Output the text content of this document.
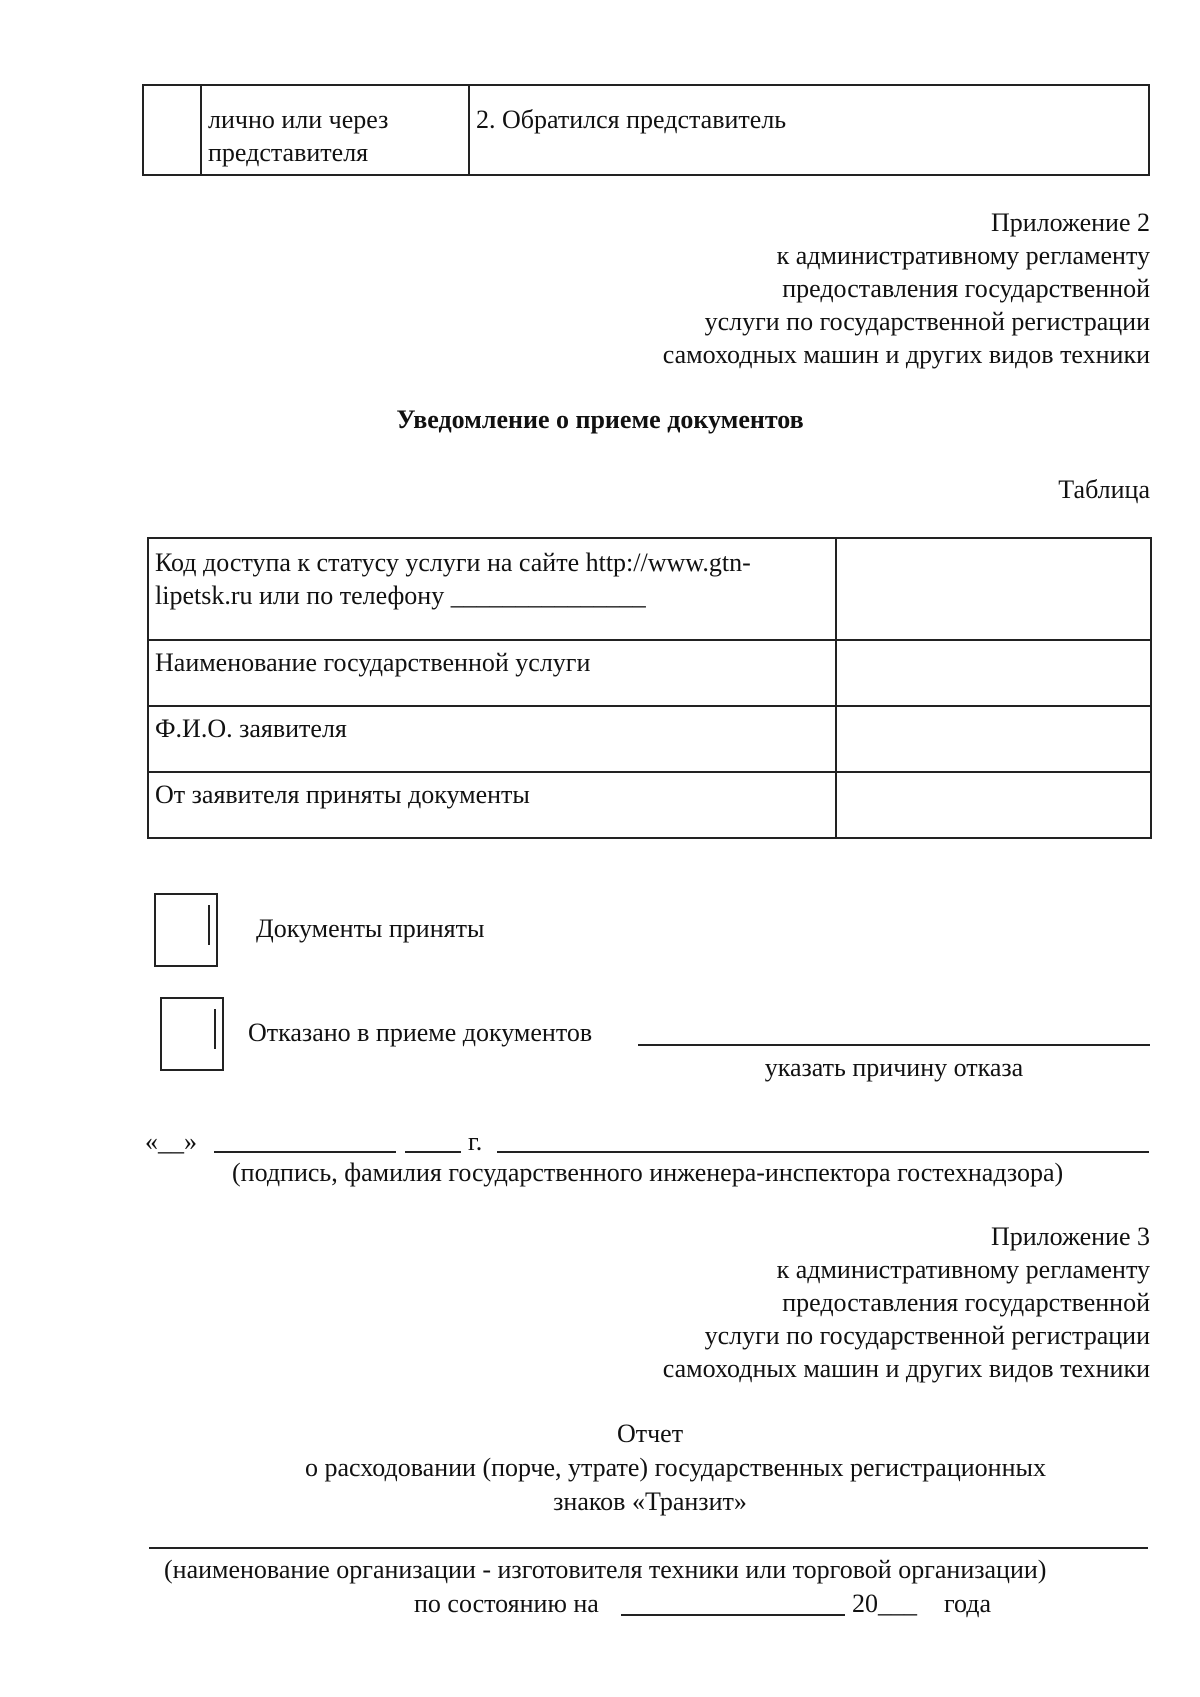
	лично или через представителя	2. Обратился представитель
Приложение 2
к административному регламенту
предоставления государственной
услуги по государственной регистрации
самоходных машин и других видов техники
Уведомление о приеме документов
Таблица
Код доступа к статусу услуги на сайте http://www.gtn-lipetsk.ru или по телефону _______________	
Наименование государственной услуги	
Ф.И.О. заявителя	
От заявителя приняты документы	
Документы приняты
Отказано в приеме документов
указать причину отказа
«__»	г.
(подпись, фамилия государственного инженера-инспектора гостехнадзора)
Приложение 3
к административному регламенту
предоставления государственной
услуги по государственной регистрации
самоходных машин и других видов техники
Отчет
о расходовании (порче, утрате) государственных регистрационных
знаков «Транзит»
(наименование организации - изготовителя техники или торговой организации)
по состоянию на	20___ года
